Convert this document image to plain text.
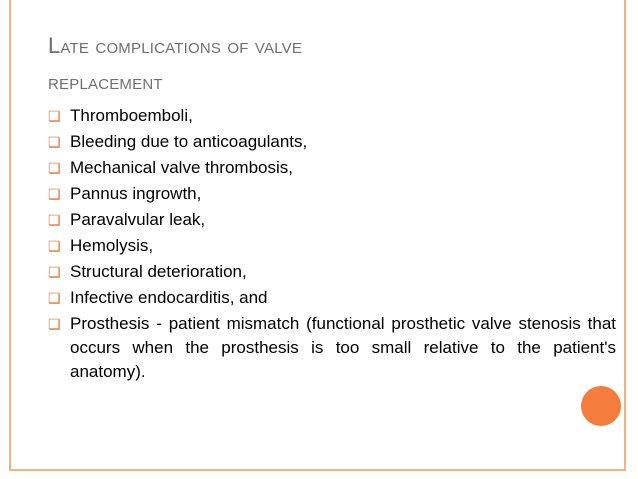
Late complications of valve
replacement
❑ Thromboemboli,
❑ Bleeding due to anticoagulants,
❑ Mechanical valve thrombosis,
❑ Pannus ingrowth,
❑ Paravalvular leak,
❑ Hemolysis,
❑ Structural deterioration,
❑ Infective endocarditis, and
❑ Prosthesis - patient mismatch (functional prosthetic valve stenosis that occurs when the prosthesis is too small relative to the patient's anatomy).
